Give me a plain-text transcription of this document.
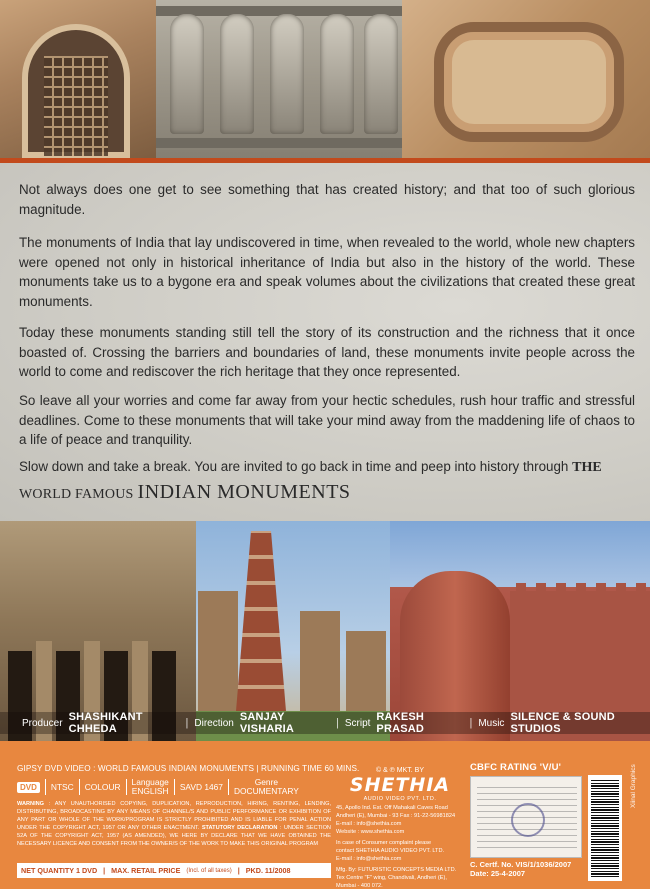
Not always does one get to see something that has created history; and that too of such glorious magnitude.

The monuments of India that lay undiscovered in time, when revealed to the world, whole new chapters were opened not only in historical inheritance of India but also in the history of the world. These monuments take us to a bygone era and speak volumes about the civilizations that created these great monuments.

Today these monuments standing still tell the story of its construction and the richness that it once boasted of. Crossing the barriers and boundaries of land, these monuments invite people across the world to come and rediscover the rich heritage that they once represented.

So leave all your worries and come far away from your hectic schedules, rush hour traffic and stressful deadlines. Come to these monuments that will take your mind away from the maddening life of chaos to a life of peace and tranquility.

Slow down and take a break. You are invited to go back in time and peep into history through THE

WORLD FAMOUS INDIAN MONUMENTS
Producer SHASHIKANT CHHEDA	| Direction SANJAY VISHARIA	| Script RAKESH PRASAD	| Music SILENCE & SOUND STUDIOS
GIPSY DVD VIDEO : WORLD FAMOUS INDIAN MONUMENTS | RUNNING TIME 60 MINS.
DVD	NTSC COLOUR Language
ENGLISH SAVD 1467	Genre
DOCUMENTARY
WARNING : ANY UNAUTHORISED COPYING, DUPLICATION, REPRODUCTION, HIRING, RENTING, LENDING, DISTRIBUTING, BROADCASTING BY ANY MEANS OF CHANNEL/S AND PUBLIC PERFORMANCE OR EXHIBITION OF ANY PART OR WHOLE OF THE WORK/PROGRAM IS STRICTLY PROHIBITED AND IS LIABLE FOR PENAL ACTION UNDER THE COPYRIGHT ACT, 1957 OR ANY OTHER ENACTMENT. STATUTORY DECLARATION : UNDER SECTION 52A OF THE COPYRIGHT ACT, 1957 (AS AMENDED), WE HERE BY DECLARE THAT WE HAVE OBTAINED THE NECESSARY LICENCE AND CONSENT FROM THE OWNER/S OF THE WORK TO MAKE THIS ORIGINAL PROGRAM
NET QUANTITY 1 DVD | MAX. RETAIL PRICE (Incl. of all taxes) | PKD. 11/2008
© & ℗ MKT. BY
SHETHIA
AUDIO VIDEO PVT. LTD.
45, Apollo Ind. Est. Off Mahakali Caves Road
Andheri (E), Mumbai - 93 Fax : 91-22-56981824
E-mail : info@shethia.com
Website : www.shethia.com
In case of Consumer complaint please
contact SHETHIA AUDIO VIDEO PVT. LTD.
E-mail : info@shethia.com
Mfg. By: FUTURISTIC CONCEPTS MEDIA LTD.
Tex Centre "F" wing, Chandivali, Andheri (E),
Mumbai - 400 072.
CBFC RATING 'V/U'
C. Certf. No. VIS/1/1036/2007
Date: 25-4-2007
Xiinal Graphics
